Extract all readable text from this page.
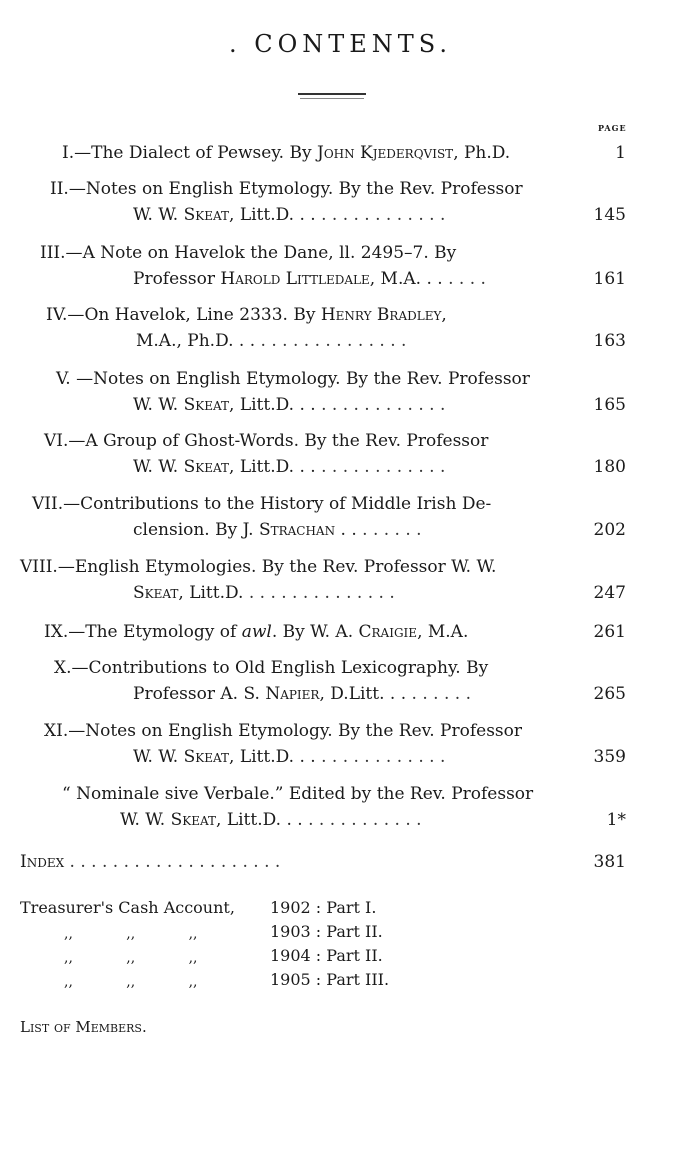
. CONTENTS.
PAGE
I.—The Dialect of Pewsey. By John Kjederqvist, Ph.D.	1
II.—Notes on English Etymology. By the Rev. Professor
W. W. Skeat, Litt.D. . . . . . . . . . . . . . .	145
III.—A Note on Havelok the Dane, ll. 2495–7. By
Professor Harold Littledale, M.A. . . . . . .	161
IV.—On Havelok, Line 2333. By Henry Bradley,
M.A., Ph.D. . . . . . . . . . . . . . . . .	163
V. —Notes on English Etymology. By the Rev. Professor
W. W. Skeat, Litt.D. . . . . . . . . . . . . . .	165
VI.—A Group of Ghost-Words. By the Rev. Professor
W. W. Skeat, Litt.D. . . . . . . . . . . . . . .	180
VII.—Contributions to the History of Middle Irish De-
clension. By J. Strachan . . . . . . . .	202
VIII.—English Etymologies. By the Rev. Professor W. W.
Skeat, Litt.D. . . . . . . . . . . . . . .	247
IX.—The Etymology of awl. By W. A. Craigie, M.A.	261
X.—Contributions to Old English Lexicography. By
Professor A. S. Napier, D.Litt. . . . . . . . .	265
XI.—Notes on English Etymology. By the Rev. Professor
W. W. Skeat, Litt.D. . . . . . . . . . . . . . .	359
“ Nominale sive Verbale.” Edited by the Rev. Professor
W. W. Skeat, Litt.D. . . . . . . . . . . . . .	1*
Index . . . . . . . . . . . . . . . . . . . .	381
Treasurer's Cash Account, 1902 : Part I.
,,            ,,            ,,	1903 : Part II.
,,            ,,            ,,	1904 : Part II.
,,            ,,            ,,	1905 : Part III.
List of Members.
